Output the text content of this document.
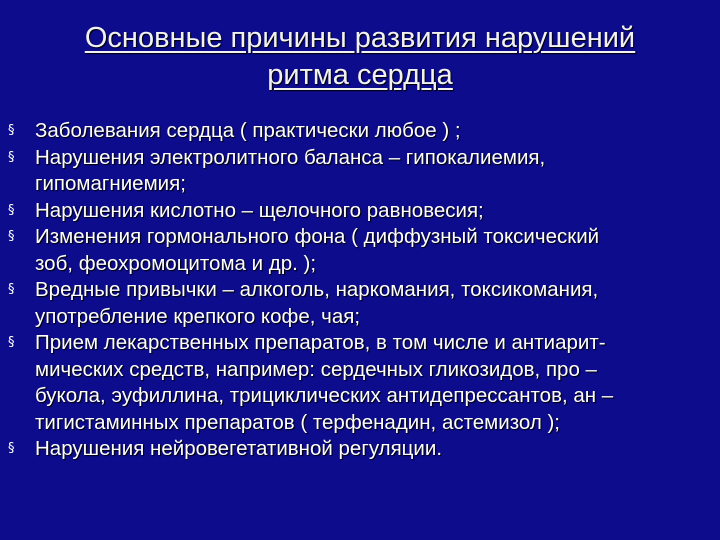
Основные причины развития нарушений
ритма сердца
§ Заболевания сердца ( практически любое ) ;
§ Нарушения электролитного баланса – гипокалиемия,
гипомагниемия;
§ Нарушения кислотно – щелочного равновесия;
§ Изменения гормонального фона ( диффузный токсический
зоб, феохромоцитома и др. );
§ Вредные привычки – алкоголь, наркомания, токсикомания,
употребление крепкого кофе, чая;
§ Прием лекарственных препаратов, в том числе и антиарит-
мических средств, например: сердечных гликозидов, про –
букола, эуфиллина, трициклических антидепрессантов, ан –
тигистаминных препаратов ( терфенадин, астемизол );
§ Нарушения нейровегетативной регуляции.
